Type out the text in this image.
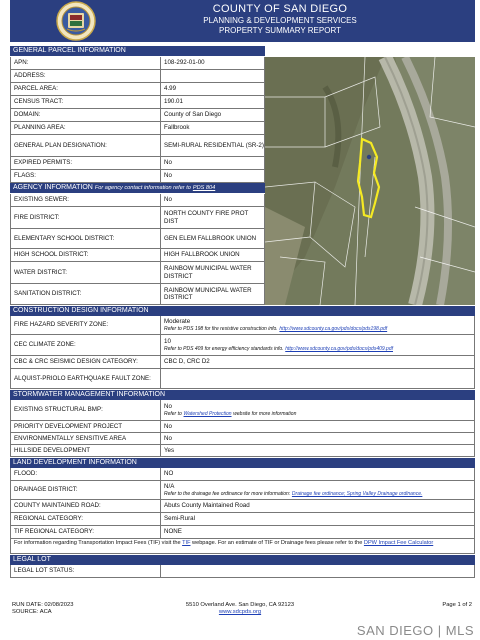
COUNTY OF SAN DIEGO
PLANNING & DEVELOPMENT SERVICES
PROPERTY SUMMARY REPORT
GENERAL PARCEL INFORMATION
APN:	108-292-01-00
ADDRESS:
PARCEL AREA:	4.99
CENSUS TRACT:	190.01
DOMAIN:	County of San Diego
PLANNING AREA:	Fallbrook
GENERAL PLAN DESIGNATION:	SEMI-RURAL RESIDENTIAL (SR-2)
EXPIRED PERMITS:	No
FLAGS:	No
AGENCY INFORMATION For agency contact information refer to PDS 804
EXISTING SEWER:	No
FIRE DISTRICT:
NORTH COUNTY FIRE PROT DIST
ELEMENTARY SCHOOL DISTRICT:	GEN ELEM FALLBROOK UNION
HIGH SCHOOL DISTRICT:	HIGH FALLBROOK UNION
WATER DISTRICT:
RAINBOW MUNICIPAL WATER DISTRICT
SANITATION DISTRICT:
RAINBOW MUNICIPAL WATER DISTRICT
CONSTRUCTION DESIGN INFORMATION
FIRE HAZARD SEVERITY ZONE:
Moderate
Refer to PDS 198 for fire resistive construction info. http://www.sdcounty.ca.gov/pds/docs/pds198.pdf
CEC CLIMATE ZONE:
10
Refer to PDS 409 for energy efficiency standards info. http://www.sdcounty.ca.gov/pds/docs/pds409.pdf
CBC & CRC SEISMIC DESIGN CATEGORY:	CBC D, CRC D2
ALQUIST-PRIOLO EARTHQUAKE FAULT ZONE:
STORMWATER MANAGEMENT INFORMATION
EXISTING STRUCTURAL BMP:
No
Refer to Watershed Protection website for more information
PRIORITY DEVELOPMENT PROJECT	No
ENVIRONMENTALLY SENSITIVE AREA	No
HILLSIDE DEVELOPMENT	Yes
LAND DEVELOPMENT INFORMATION
FLOOD:	NO
DRAINAGE DISTRICT:
N/A
Refer to the drainage fee ordinance for more information: Drainage fee ordinance; Spring Valley Drainage ordinance.
COUNTY MAINTAINED ROAD:	Abuts County Maintained Road
REGIONAL CATEGORY:	Semi-Rural
TIF REGIONAL CATEGORY:	NONE
For information regarding Transportation Impact Fees (TIF) visit the TIF webpage. For an estimate of TIF or Drainage fees please refer to the DPW Impact Fee Calculator
LEGAL LOT
LEGAL LOT STATUS:
RUN DATE: 02/08/2023
SOURCE: ACA
5510 Overland Ave. San Diego, CA 92123
www.sdcpds.org
Page 1 of 2
SAN DIEGO | MLS
